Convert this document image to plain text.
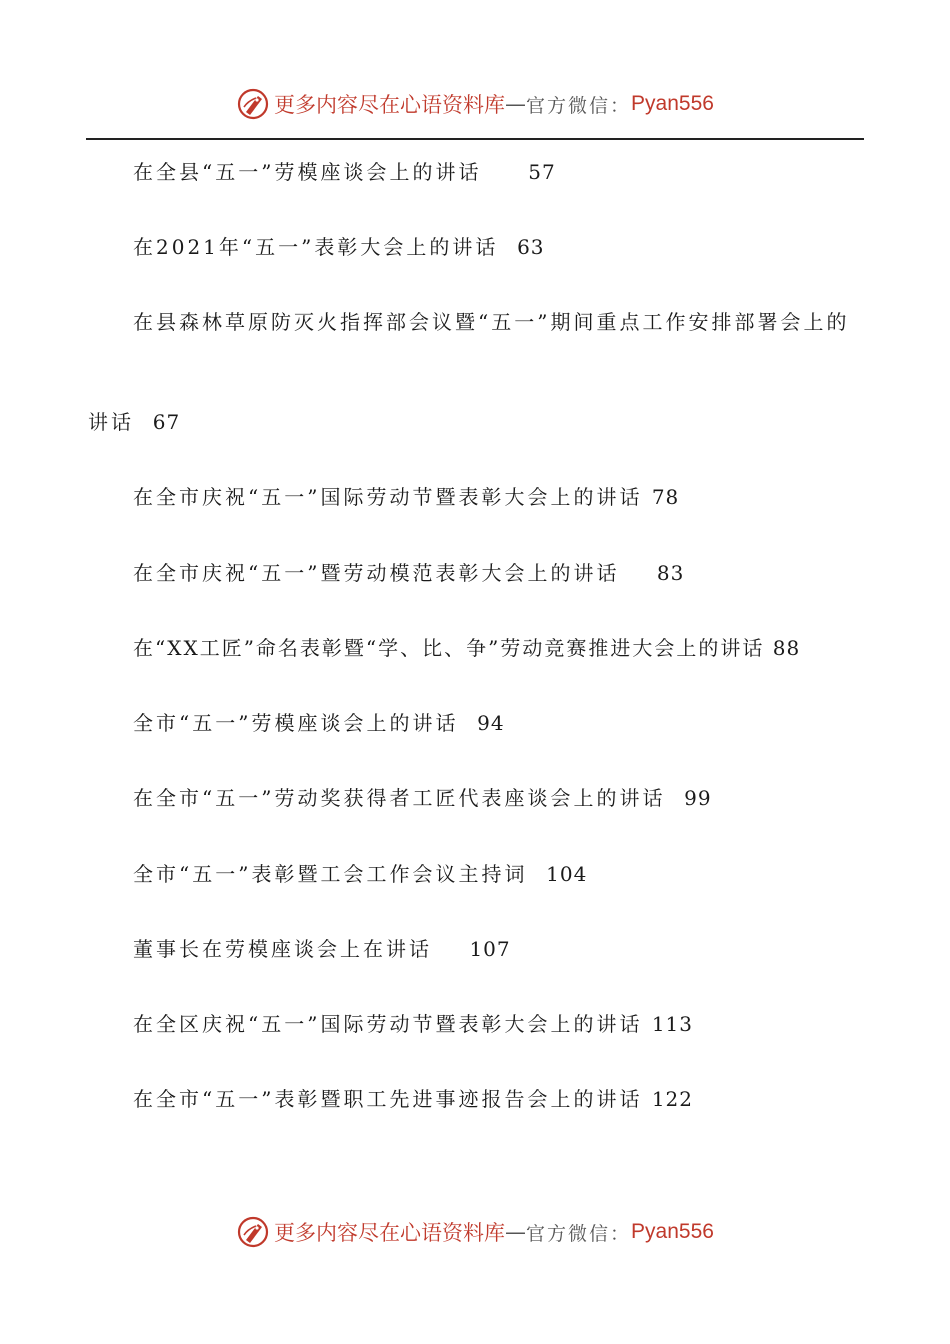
更多内容尽在心语资料库 — 官方微信： Pyan556
在全县“五一”劳模座谈会上的讲话 57
在2021年“五一”表彰大会上的讲话 63
在县森林草原防灭火指挥部会议暨“五一”期间重点工作安排部署会上的
讲话 67
在全市庆祝“五一”国际劳动节暨表彰大会上的讲话 78
在全市庆祝“五一”暨劳动模范表彰大会上的讲话 83
在“XX工匠”命名表彰暨“学、比、争”劳动竞赛推进大会上的讲话 88
全市“五一”劳模座谈会上的讲话 94
在全市“五一”劳动奖获得者工匠代表座谈会上的讲话 99
全市“五一”表彰暨工会工作会议主持词 104
董事长在劳模座谈会上在讲话 107
在全区庆祝“五一”国际劳动节暨表彰大会上的讲话 113
在全市“五一”表彰暨职工先进事迹报告会上的讲话 122
更多内容尽在心语资料库 — 官方微信： Pyan556
